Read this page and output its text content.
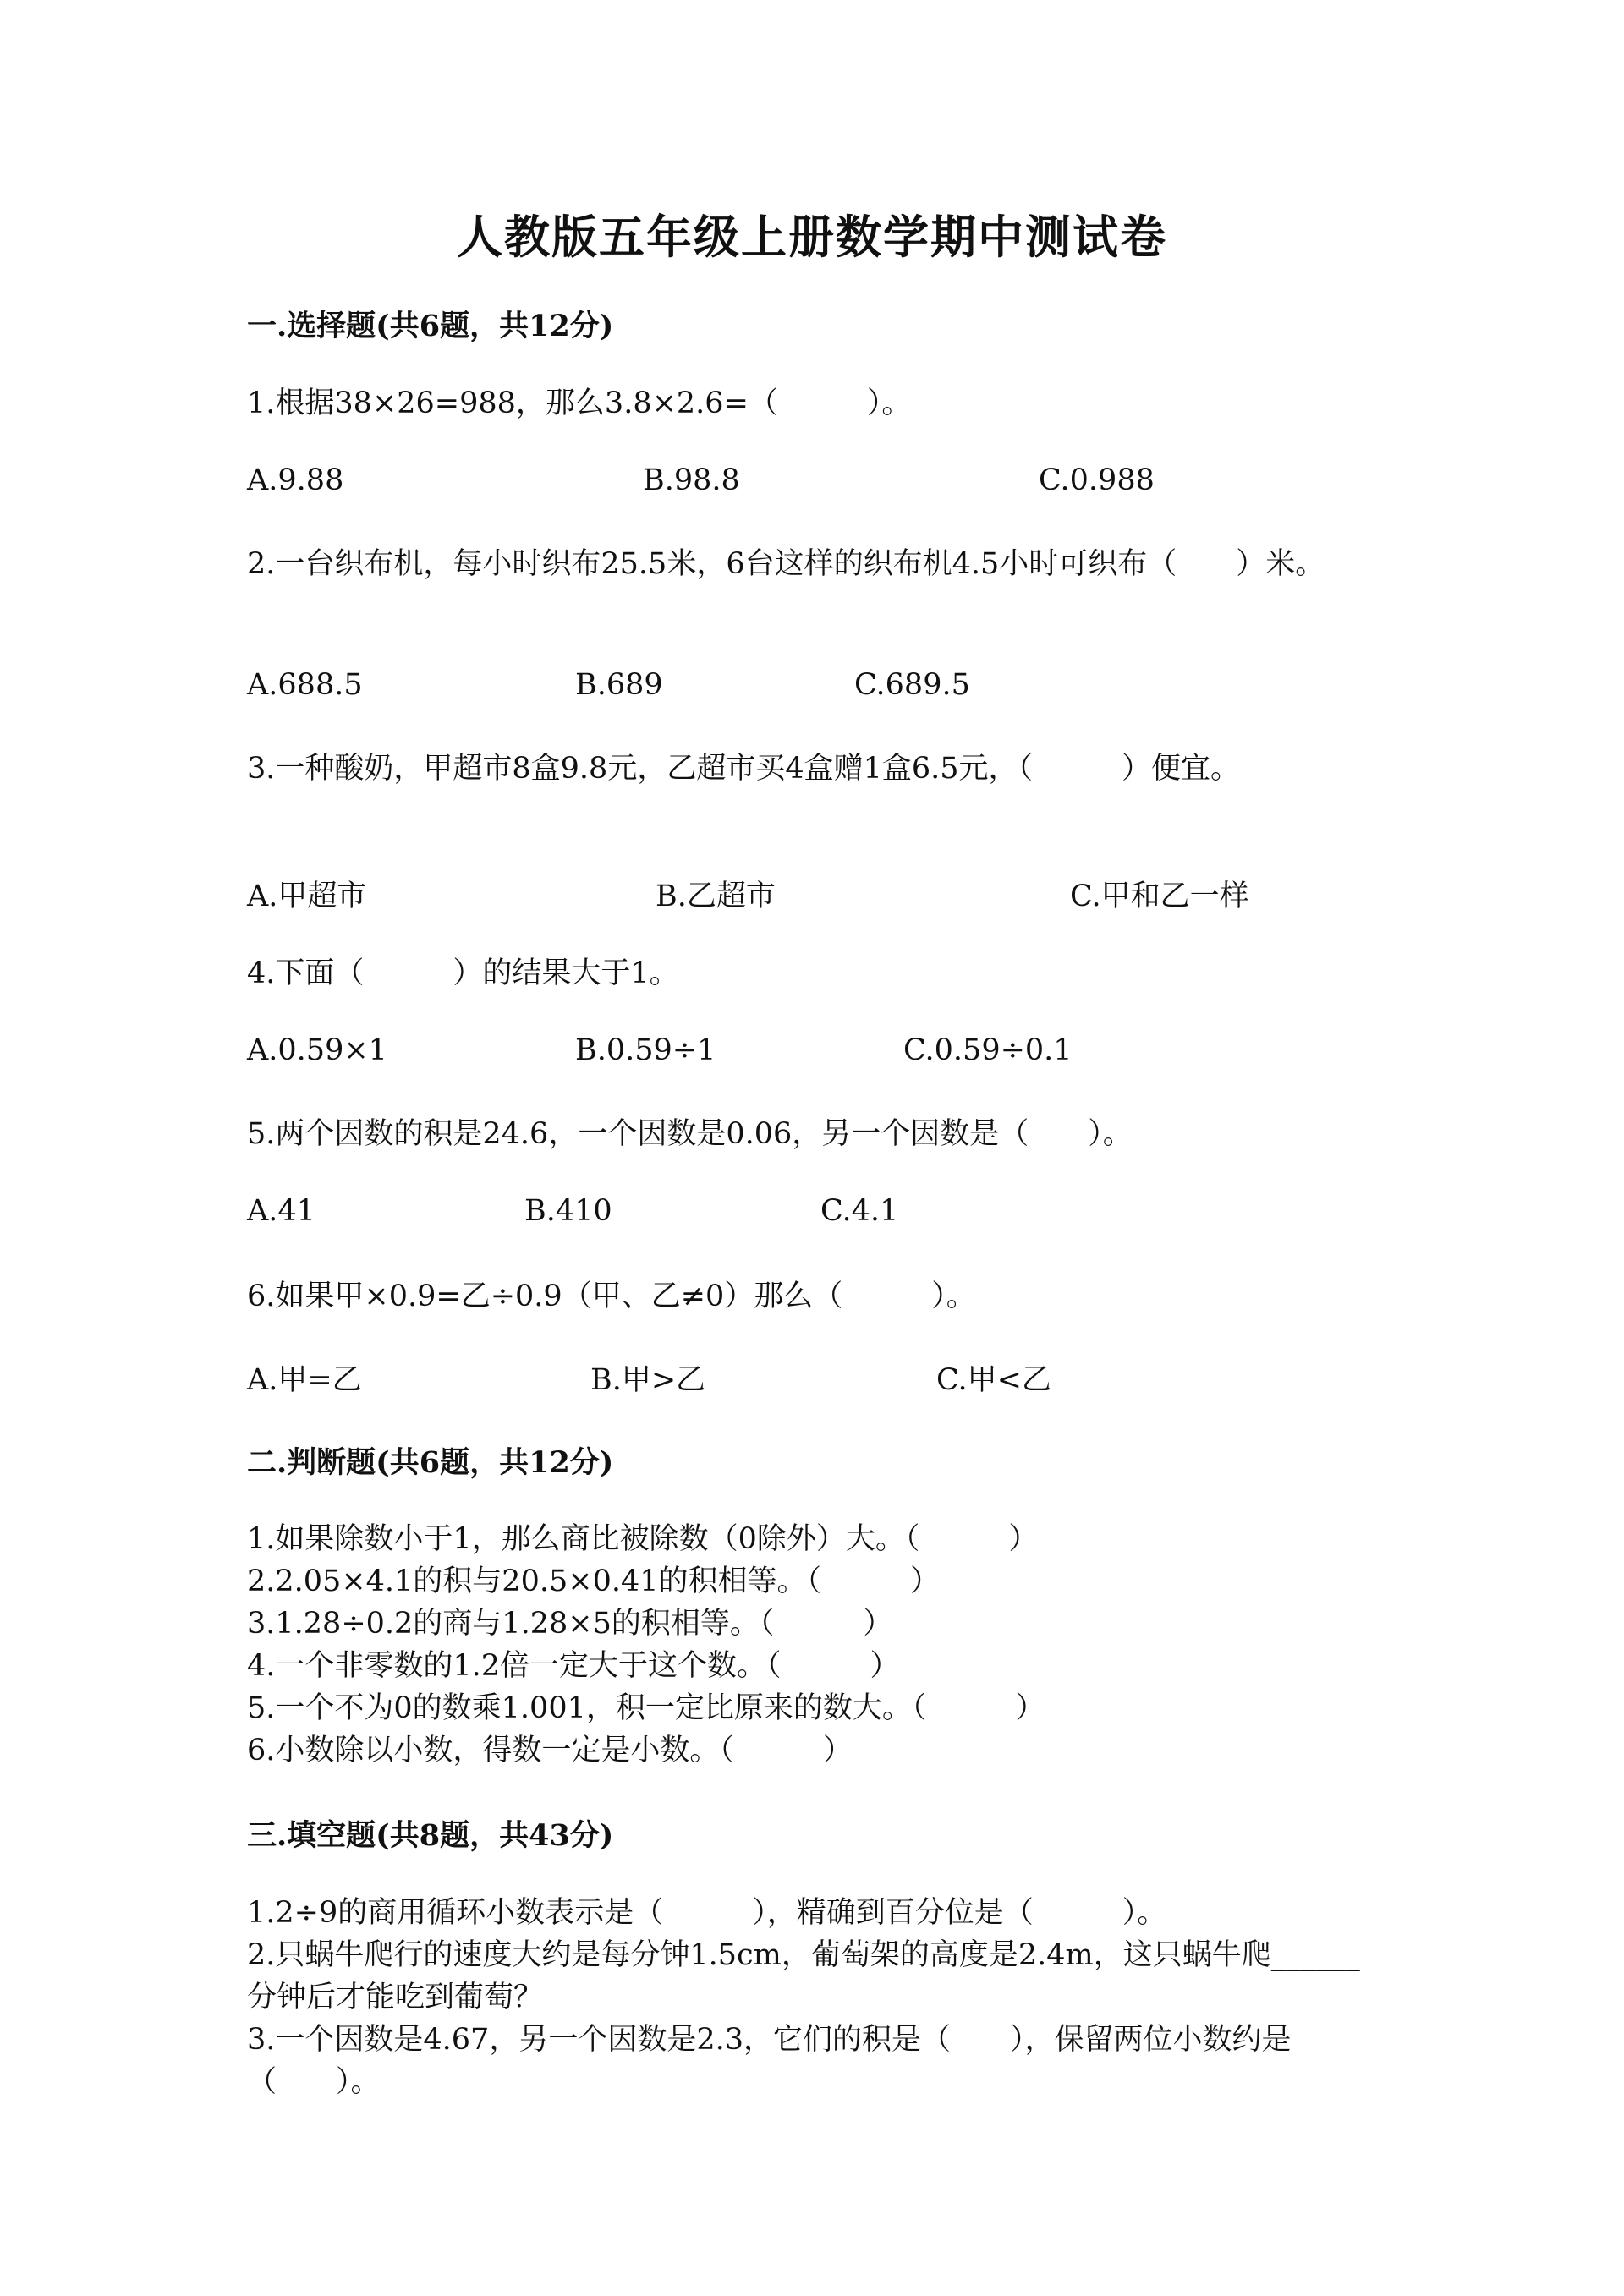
人教版五年级上册数学期中测试卷
一.选择题(共6题，共12分)
1.根据38×26=988，那么3.8×2.6=（　　　）。
A.9.88	B.98.8	C.0.988
2.一台织布机，每小时织布25.5米，6台这样的织布机4.5小时可织布（　　）米。
A.688.5	B.689	C.689.5
3.一种酸奶，甲超市8盒9.8元，乙超市买4盒赠1盒6.5元，（　　　）便宜。
A.甲超市	B.乙超市	C.甲和乙一样
4.下面（　　　）的结果大于1。
A.0.59×1	B.0.59÷1	C.0.59÷0.1
5.两个因数的积是24.6，一个因数是0.06，另一个因数是（　　）。
A.41	B.410	C.4.1
6.如果甲×0.9=乙÷0.9（甲、乙≠0）那么（　　　）。
A.甲=乙	B.甲>乙	C.甲<乙
二.判断题(共6题，共12分)
1.如果除数小于1，那么商比被除数（0除外）大。（　　　）
2.2.05×4.1的积与20.5×0.41的积相等。（　　　）
3.1.28÷0.2的商与1.28×5的积相等。（　　　）
4.一个非零数的1.2倍一定大于这个数。（　　　）
5.一个不为0的数乘1.001，积一定比原来的数大。（　　　）
6.小数除以小数，得数一定是小数。（　　　）
三.填空题(共8题，共43分)
1.2÷9的商用循环小数表示是（　　　），精确到百分位是（　　　）。
2.只蜗牛爬行的速度大约是每分钟1.5cm，葡萄架的高度是2.4m，这只蜗牛爬______分钟后才能吃到葡萄？
3.一个因数是4.67，另一个因数是2.3，它们的积是（　　），保留两位小数约是（　　）。
